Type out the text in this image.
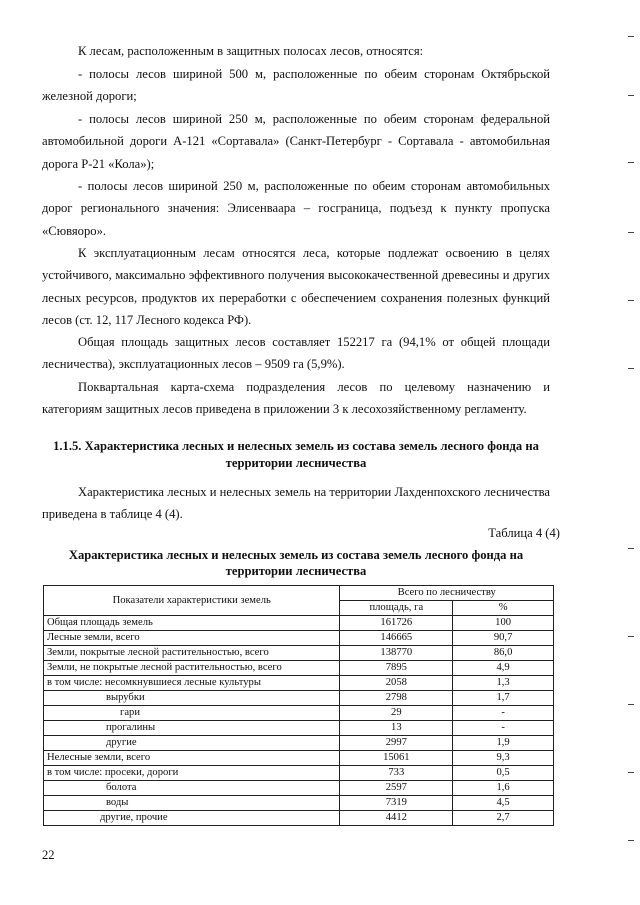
К лесам, расположенным в защитных полосах лесов, относятся:

- полосы лесов шириной 500 м, расположенные по обеим сторонам Октябрьской железной дороги;

- полосы лесов шириной 250 м, расположенные по обеим сторонам федеральной автомобильной дороги А-121 «Сортавала» (Санкт-Петербург - Сортавала - автомобильная дорога Р-21 «Кола»);

- полосы лесов шириной 250 м, расположенные по обеим сторонам автомобильных дорог регионального значения: Элисенваара – госграница, подъезд к пункту пропуска «Сювяоро».

К эксплуатационным лесам относятся леса, которые подлежат освоению в целях устойчивого, максимально эффективного получения высококачественной древесины и других лесных ресурсов, продуктов их переработки с обеспечением сохранения полезных функций лесов (ст. 12, 117 Лесного кодекса РФ).

Общая площадь защитных лесов составляет 152217 га (94,1% от общей площади лесничества), эксплуатационных лесов – 9509 га (5,9%).

Поквартальная карта-схема подразделения лесов по целевому назначению и категориям защитных лесов приведена в приложении 3 к лесохозяйственному регламенту.

1.1.5. Характеристика лесных и нелесных земель из состава земель лесного фонда на территории лесничества

Характеристика лесных и нелесных земель на территории Лахденпохского лесничества приведена в таблице 4 (4).

Таблица 4 (4)
Характеристика лесных и нелесных земель из состава земель лесного фонда на территории лесничества
Показатели характеристики земель	Всего по лесничеству	
	площадь, га	%
Общая площадь земель	161726	100
Лесные земли, всего	146665	90,7
Земли, покрытые лесной растительностью, всего	138770	86,0
Земли, не покрытые лесной растительностью, всего	7895	4,9
в том числе: несомкнувшиеся лесные культуры	2058	1,3
вырубки	2798	1,7
гари	29	-
прогалины	13	-
другие	2997	1,9
Нелесные земли, всего	15061	9,3
в том числе: просеки, дороги	733	0,5
болота	2597	1,6
воды	7319	4,5
другие, прочие	4412	2,7
22
